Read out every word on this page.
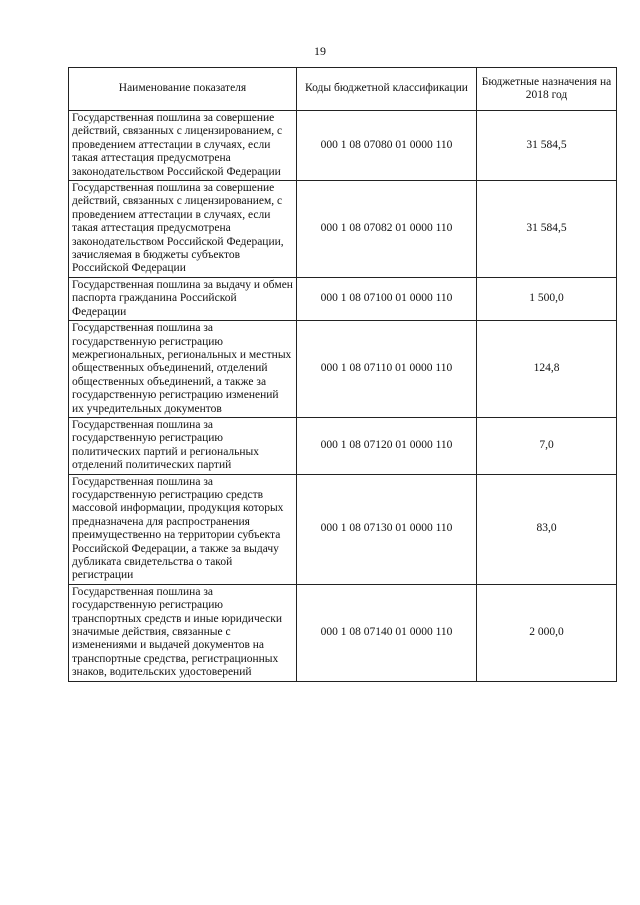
19
Наименование показателя	Коды бюджетной классификации	Бюджетные назначения на 2018 год
Государственная пошлина за совершение действий, связанных с лицензированием, с проведением аттестации в случаях, если такая аттестация предусмотрена законодательством Российской Федерации	000 1 08 07080 01 0000 110	31 584,5
Государственная пошлина за совершение действий, связанных с лицензированием, с проведением аттестации в случаях, если такая аттестация предусмотрена законодательством Российской Федерации, зачисляемая в бюджеты субъектов Российской Федерации	000 1 08 07082 01 0000 110	31 584,5
Государственная пошлина за выдачу и обмен паспорта гражданина Российской Федерации	000 1 08 07100 01 0000 110	1 500,0
Государственная пошлина за государственную регистрацию межрегиональных, региональных и местных общественных объединений, отделений общественных объединений, а также за государственную регистрацию изменений их учредительных документов	000 1 08 07110 01 0000 110	124,8
Государственная пошлина за государственную регистрацию политических партий и региональных отделений политических партий	000 1 08 07120 01 0000 110	7,0
Государственная пошлина за государственную регистрацию средств массовой информации, продукция которых предназначена для распространения преимущественно на территории субъекта Российской Федерации, а также за выдачу дубликата свидетельства о такой регистрации	000 1 08 07130 01 0000 110	83,0
Государственная пошлина за государственную регистрацию транспортных средств и иные юридически значимые действия, связанные с изменениями и выдачей документов на транспортные средства, регистрационных знаков, водительских удостоверений	000 1 08 07140 01 0000 110	2 000,0
